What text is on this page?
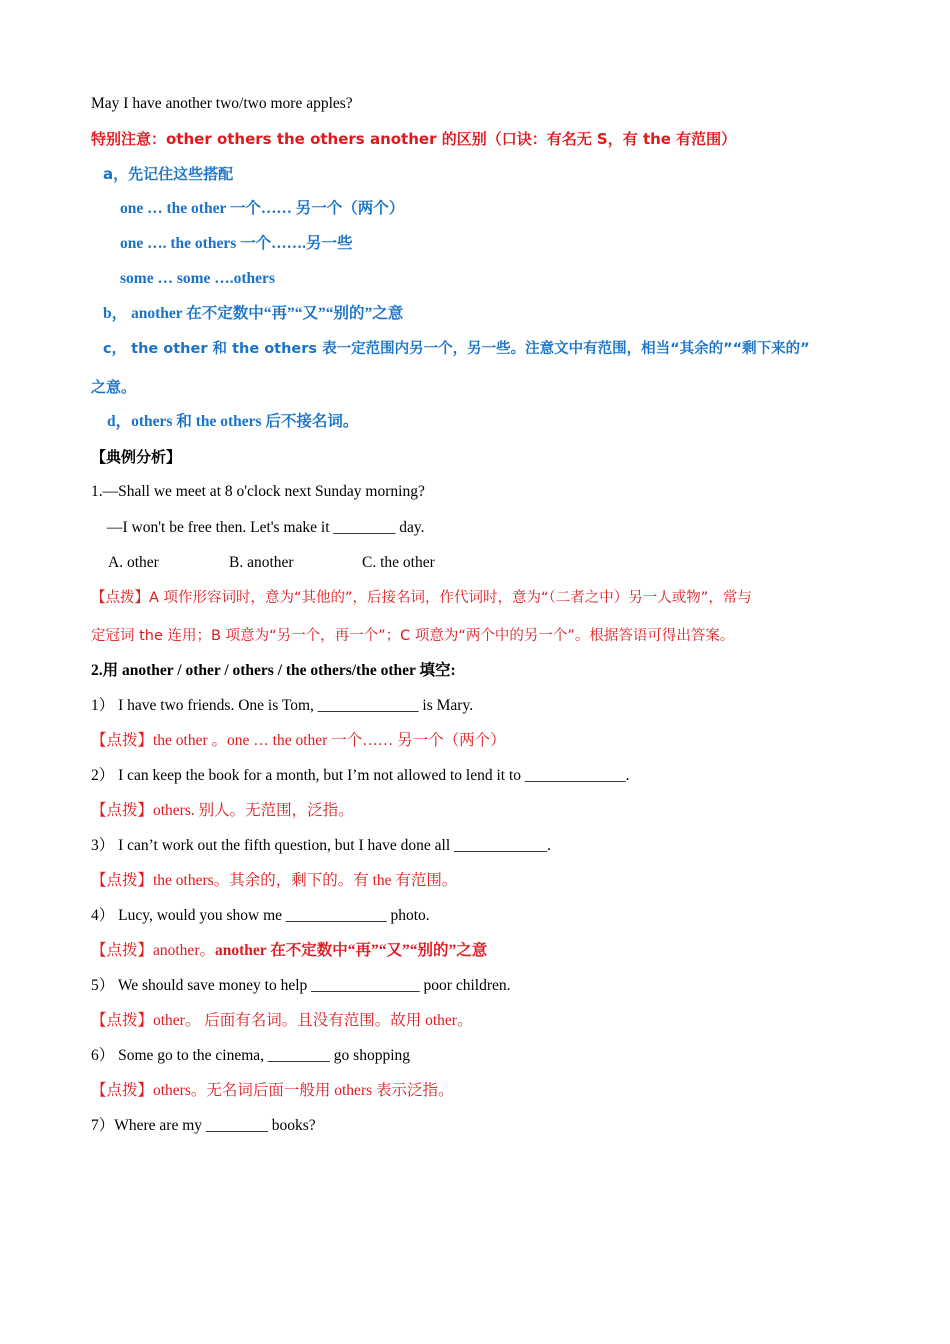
May I have another two/two more apples?
特别注意：other others the others another 的区别（口诀：有名无 S，有 the 有范围）
a，先记住这些搭配
one … the other 一个…… 另一个（两个）
one …. the others 一个…….另一些
some … some ….others
b， another 在不定数中“再”“又”“别的”之意
c， the other 和 the others 表一定范围内另一个，另一些。注意文中有范围，相当“其余的”“剩下来的”
之意。
d，others 和 the others 后不接名词。
【典例分析】
1.—Shall we meet at 8 o'clock next Sunday morning?
—I won't be free then. Let's make it ________ day.
A. other	B. another	C. the other
【点拨】A 项作形容词时，意为“其他的”，后接名词，作代词时，意为“（二者之中）另一人或物”，常与
定冠词 the 连用；B 项意为“另一个，再一个”；C 项意为“两个中的另一个”。根据答语可得出答案。
2.用 another / other / others / the others/the other 填空:
1） I have two friends. One is Tom, _____________ is Mary.
【点拨】the other 。one … the other 一个…… 另一个（两个）
2） I can keep the book for a month, but I’m not allowed to lend it to _____________.
【点拨】others. 别人。无范围，泛指。
3） I can’t work out the fifth question, but I have done all ____________.
【点拨】the others。其余的，剩下的。有 the 有范围。
4） Lucy, would you show me _____________ photo.
【点拨】another。another 在不定数中“再”“又”“别的”之意
5） We should save money to help ______________ poor children.
【点拨】other。 后面有名词。且没有范围。故用 other。
6） Some go to the cinema, ________ go shopping
【点拨】others。无名词后面一般用 others 表示泛指。
7）Where are my ________ books?
